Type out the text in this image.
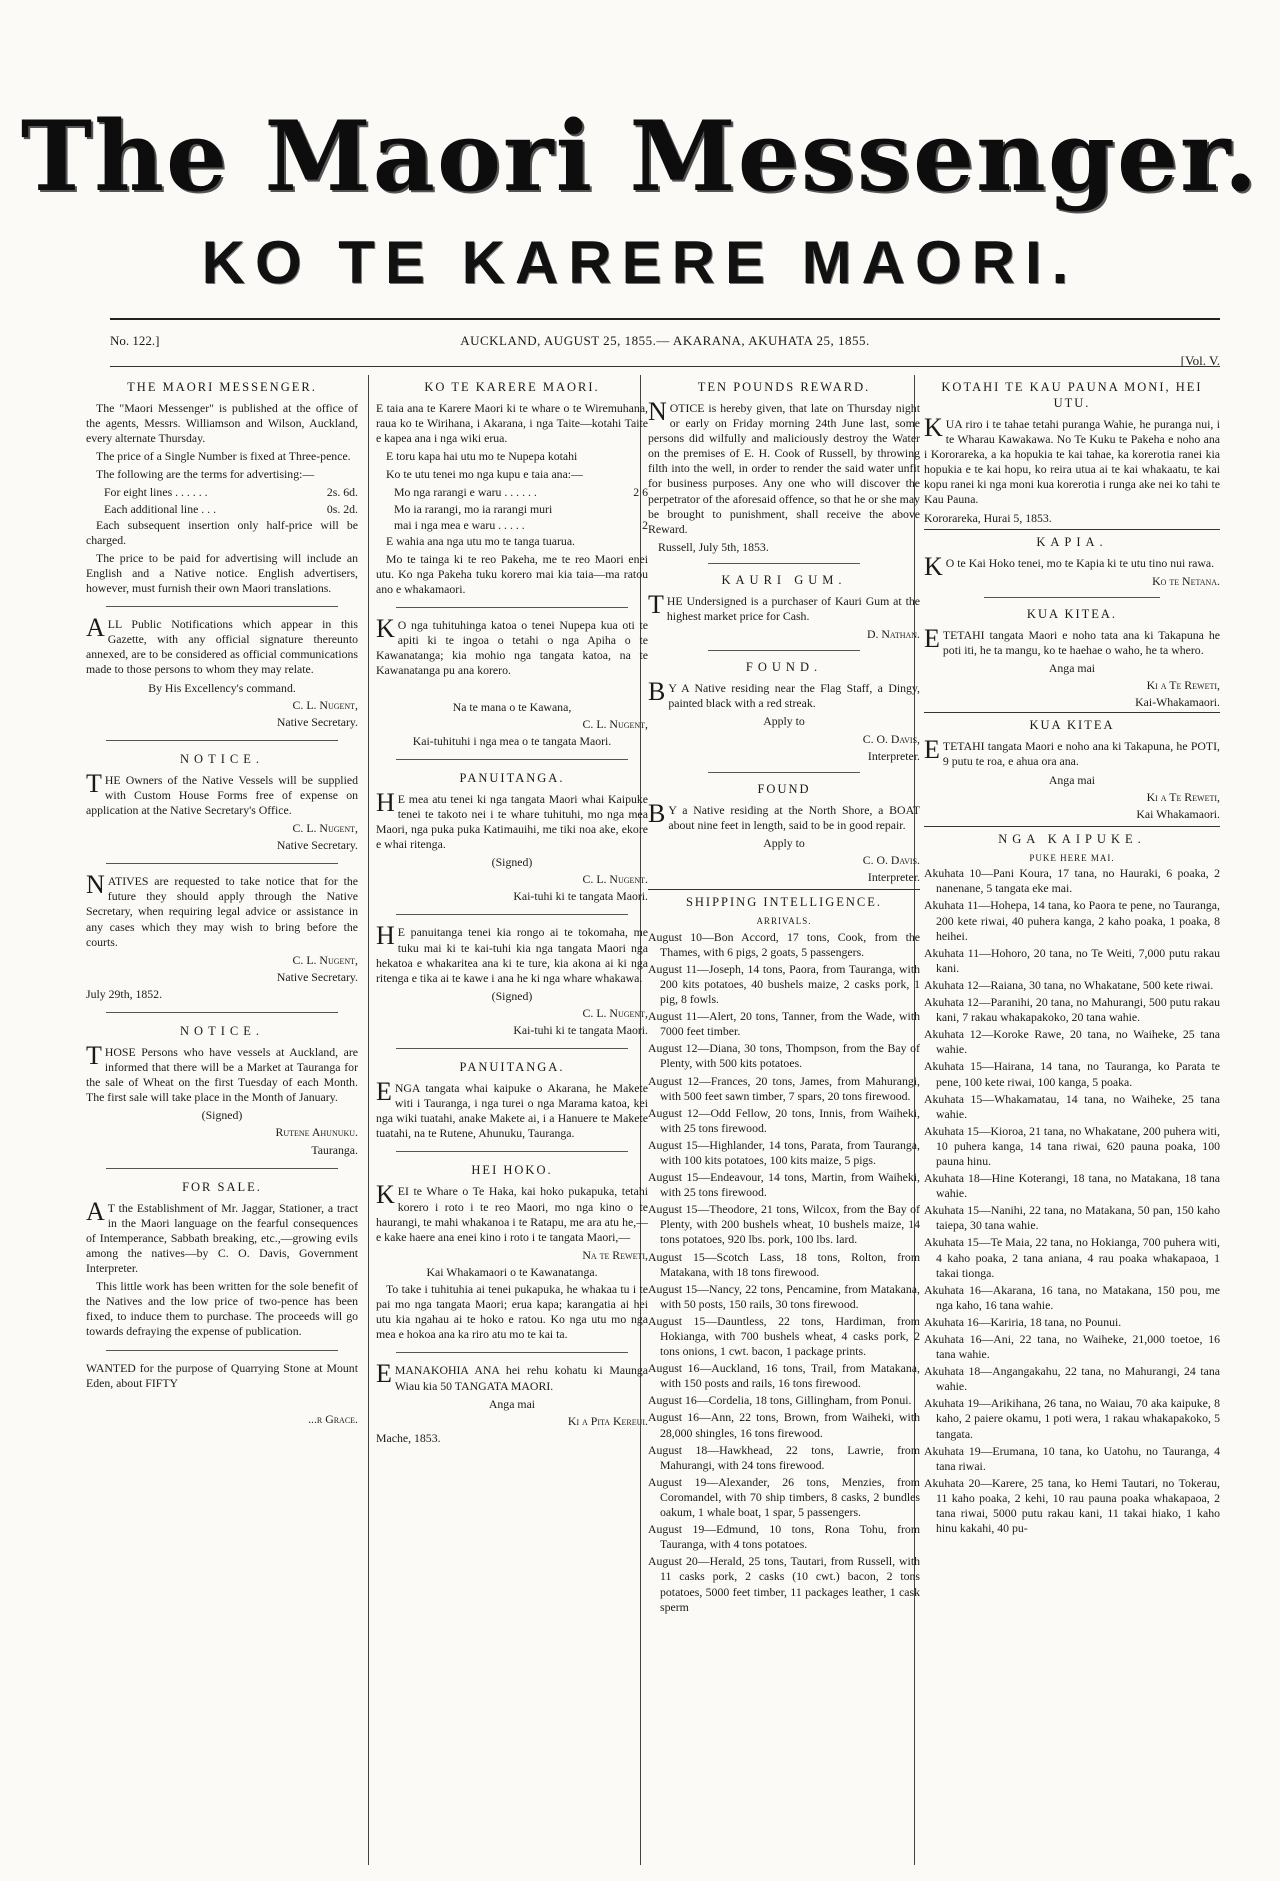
The Maori Messenger.
KO TE KARERE MAORI.
No. 122.]	AUCKLAND, AUGUST 25, 1855.— AKARANA, AKUHATA 25, 1855.
[Vol. V.
THE MAORI MESSENGER.
The "Maori Messenger" is published at the office of the agents, Messrs. Williamson and Wilson, Auckland, every alternate Thursday.
The price of a Single Number is fixed at Three-pence.
The following are the terms for advertising:—
For eight lines . . . . . .	2s. 6d.
Each additional line . . .	0s. 2d.
Each subsequent insertion only half-price will be charged.
The price to be paid for advertising will include an English and a Native notice. English advertisers, however, must furnish their own Maori translations.
ALL Public Notifications which appear in this Gazette, with any official signature thereunto annexed, are to be considered as official communications made to those persons to whom they may relate.
By His Excellency's command.
C. L. Nugent,
Native Secretary.
NOTICE.
THE Owners of the Native Vessels will be supplied with Custom House Forms free of expense on application at the Native Secretary's Office.
C. L. Nugent,
Native Secretary.
NATIVES are requested to take notice that for the future they should apply through the Native Secretary, when requiring legal advice or assistance in any cases which they may wish to bring before the courts.
C. L. Nugent,
Native Secretary.
July 29th, 1852.
NOTICE.
THOSE Persons who have vessels at Auckland, are informed that there will be a Market at Tauranga for the sale of Wheat on the first Tuesday of each Month. The first sale will take place in the Month of January.
(Signed)
Rutene Ahunuku.
Tauranga.
FOR SALE.
AT the Establishment of Mr. Jaggar, Stationer, a tract in the Maori language on the fearful consequences of Intemperance, Sabbath breaking, etc.,—growing evils among the natives—by C. O. Davis, Government Interpreter.
This little work has been written for the sole benefit of the Natives and the low price of two-pence has been fixed, to induce them to purchase. The proceeds will go towards defraying the expense of publication.
WANTED for the purpose of Quarrying Stone at Mount Eden, about FIFTY
...r Grace.
KO TE KARERE MAORI.
E taia ana te Karere Maori ki te whare o te Wiremuhana, raua ko te Wirihana, i Akarana, i nga Taite—kotahi Taite e kapea ana i nga wiki erua.
E toru kapa hai utu mo te Nupepa kotahi
Ko te utu tenei mo nga kupu e taia ana:—
Mo nga rarangi e waru . . . . . .	2 6
Mo ia rarangi, mo ia rarangi muri
mai i nga mea e waru . . . . .	2
E wahia ana nga utu mo te tanga tuarua.
Mo te tainga ki te reo Pakeha, me te reo Maori enei utu. Ko nga Pakeha tuku korero mai kia taia—ma ratou ano e whakamaori.
KO nga tuhituhinga katoa o tenei Nupepa kua oti te apiti ki te ingoa o tetahi o nga Apiha o te Kawanatanga; kia mohio nga tangata katoa, na te Kawanatanga pu ana korero.
Na te mana o te Kawana,
C. L. Nugent,
Kai-tuhituhi i nga mea o te tangata Maori.
PANUITANGA.
HE mea atu tenei ki nga tangata Maori whai Kaipuke tenei te takoto nei i te whare tuhituhi, mo nga mea Maori, nga puka puka Katimauihi, me tiki noa ake, ekore e whai ritenga.
(Signed)
C. L. Nugent.
Kai-tuhi ki te tangata Maori.
HE panuitanga tenei kia rongo ai te tokomaha, me tuku mai ki te kai-tuhi kia nga tangata Maori nga hekatoa e whakaritea ana ki te ture, kia akona ai ki nga ritenga e tika ai te kawe i ana he ki nga whare whakawa.
(Signed)
C. L. Nugent,
Kai-tuhi ki te tangata Maori.
PANUITANGA.
ENGA tangata whai kaipuke o Akarana, he Makete witi i Tauranga, i nga turei o nga Marama katoa, kei nga wiki tuatahi, anake Makete ai, i a Hanuere te Makete tuatahi, na te Rutene, Ahunuku, Tauranga.
HEI HOKO.
KEI te Whare o Te Haka, kai hoko pukapuka, tetahi korero i roto i te reo Maori, mo nga kino o te haurangi, te mahi whakanoa i te Ratapu, me ara atu he,—e kake haere ana enei kino i roto i te tangata Maori,—
Na te Reweti,
Kai Whakamaori o te Kawanatanga.
To take i tuhituhia ai tenei pukapuka, he whakaa tu i te pai mo nga tangata Maori; erua kapa; karangatia ai hei utu kia ngahau ai te hoko e ratou. Ko nga utu mo nga mea e hokoa ana ka riro atu mo te kai ta.
EMANAKOHIA ANA hei rehu kohatu ki Maunga Wiau kia 50 TANGATA MAORI.
Anga mai
Ki a Pita Kereui.
Mache, 1853.
TEN POUNDS REWARD.
NOTICE is hereby given, that late on Thursday night or early on Friday morning 24th June last, some persons did wilfully and maliciously destroy the Water on the premises of E. H. Cook of Russell, by throwing filth into the well, in order to render the said water unfit for business purposes. Any one who will discover the perpetrator of the aforesaid offence, so that he or she may be brought to punishment, shall receive the above Reward.
Russell, July 5th, 1853.
KAURI GUM.
THE Undersigned is a purchaser of Kauri Gum at the highest market price for Cash.
D. Nathan.
FOUND.
BY A Native residing near the Flag Staff, a Dingy, painted black with a red streak.
Apply to
C. O. Davis,
Interpreter.
FOUND
BY a Native residing at the North Shore, a BOAT about nine feet in length, said to be in good repair.
Apply to
C. O. Davis.
Interpreter.
SHIPPING INTELLIGENCE.
ARRIVALS.
August 10—Bon Accord, 17 tons, Cook, from the Thames, with 6 pigs, 2 goats, 5 passengers.
August 11—Joseph, 14 tons, Paora, from Tauranga, with 200 kits potatoes, 40 bushels maize, 2 casks pork, 1 pig, 8 fowls.
August 11—Alert, 20 tons, Tanner, from the Wade, with 7000 feet timber.
August 12—Diana, 30 tons, Thompson, from the Bay of Plenty, with 500 kits potatoes.
August 12—Frances, 20 tons, James, from Mahurangi, with 500 feet sawn timber, 7 spars, 20 tons firewood.
August 12—Odd Fellow, 20 tons, Innis, from Waiheki, with 25 tons firewood.
August 15—Highlander, 14 tons, Parata, from Tauranga, with 100 kits potatoes, 100 kits maize, 5 pigs.
August 15—Endeavour, 14 tons, Martin, from Waiheki, with 25 tons firewood.
August 15—Theodore, 21 tons, Wilcox, from the Bay of Plenty, with 200 bushels wheat, 10 bushels maize, 14 tons potatoes, 920 lbs. pork, 100 lbs. lard.
August 15—Scotch Lass, 18 tons, Rolton, from Matakana, with 18 tons firewood.
August 15—Nancy, 22 tons, Pencamine, from Matakana, with 50 posts, 150 rails, 30 tons firewood.
August 15—Dauntless, 22 tons, Hardiman, from Hokianga, with 700 bushels wheat, 4 casks pork, 2 tons onions, 1 cwt. bacon, 1 package prints.
August 16—Auckland, 16 tons, Trail, from Matakana, with 150 posts and rails, 16 tons firewood.
August 16—Cordelia, 18 tons, Gillingham, from Ponui.
August 16—Ann, 22 tons, Brown, from Waiheki, with 28,000 shingles, 16 tons firewood.
August 18—Hawkhead, 22 tons, Lawrie, from Mahurangi, with 24 tons firewood.
August 19—Alexander, 26 tons, Menzies, from Coromandel, with 70 ship timbers, 8 casks, 2 bundles oakum, 1 whale boat, 1 spar, 5 passengers.
August 19—Edmund, 10 tons, Rona Tohu, from Tauranga, with 4 tons potatoes.
August 20—Herald, 25 tons, Tautari, from Russell, with 11 casks pork, 2 casks (10 cwt.) bacon, 2 tons potatoes, 5000 feet timber, 11 packages leather, 1 cask sperm
KOTAHI TE KAU PAUNA MONI, HEI UTU.
KUA riro i te tahae tetahi puranga Wahie, he puranga nui, i te Wharau Kawakawa. No Te Kuku te Pakeha e noho ana i Kororareka, a ka hopukia te kai tahae, ka korerotia ranei kia hopukia e te kai hopu, ko reira utua ai te kai whakaatu, te kai kopu ranei ki nga moni kua korerotia i runga ake nei ko tahi te Kau Pauna.
Kororareka, Hurai 5, 1853.
KAPIA.
KO te Kai Hoko tenei, mo te Kapia ki te utu tino nui rawa.
Ko te Netana.
KUA KITEA.
ETETAHI tangata Maori e noho tata ana ki Takapuna he poti iti, he ta mangu, ko te haehae o waho, he ta whero.
Anga mai
Ki a Te Reweti,
Kai-Whakamaori.
KUA KITEA
ETETAHI tangata Maori e noho ana ki Takapuna, he POTI, 9 putu te roa, e ahua ora ana.
Anga mai
Ki a Te Reweti,
Kai Whakamaori.
NGA KAIPUKE.
PUKE HERE MAI.
Akuhata 10—Pani Koura, 17 tana, no Hauraki, 6 poaka, 2 nanenane, 5 tangata eke mai.
Akuhata 11—Hohepa, 14 tana, ko Paora te pene, no Tauranga, 200 kete riwai, 40 puhera kanga, 2 kaho poaka, 1 poaka, 8 heihei.
Akuhata 11—Hohoro, 20 tana, no Te Weiti, 7,000 putu rakau kani.
Akuhata 12—Raiana, 30 tana, no Whakatane, 500 kete riwai.
Akuhata 12—Paranihi, 20 tana, no Mahurangi, 500 putu rakau kani, 7 rakau whakapakoko, 20 tana wahie.
Akuhata 12—Koroke Rawe, 20 tana, no Waiheke, 25 tana wahie.
Akuhata 15—Hairana, 14 tana, no Tauranga, ko Parata te pene, 100 kete riwai, 100 kanga, 5 poaka.
Akuhata 15—Whakamatau, 14 tana, no Waiheke, 25 tana wahie.
Akuhata 15—Kioroa, 21 tana, no Whakatane, 200 puhera witi, 10 puhera kanga, 14 tana riwai, 620 pauna poaka, 100 pauna hinu.
Akuhata 18—Hine Koterangi, 18 tana, no Matakana, 18 tana wahie.
Akuhata 15—Nanihi, 22 tana, no Matakana, 50 pan, 150 kaho taiepa, 30 tana wahie.
Akuhata 15—Te Maia, 22 tana, no Hokianga, 700 puhera witi, 4 kaho poaka, 2 tana aniana, 4 rau poaka whakapaoa, 1 takai tionga.
Akuhata 16—Akarana, 16 tana, no Matakana, 150 pou, me nga kaho, 16 tana wahie.
Akuhata 16—Kariria, 18 tana, no Pounui.
Akuhata 16—Ani, 22 tana, no Waiheke, 21,000 toetoe, 16 tana wahie.
Akuhata 18—Angangakahu, 22 tana, no Mahurangi, 24 tana wahie.
Akuhata 19—Arikihana, 26 tana, no Waiau, 70 aka kaipuke, 8 kaho, 2 paiere okamu, 1 poti wera, 1 rakau whakapakoko, 5 tangata.
Akuhata 19—Erumana, 10 tana, ko Uatohu, no Tauranga, 4 tana riwai.
Akuhata 20—Karere, 25 tana, ko Hemi Tautari, no Tokerau, 11 kaho poaka, 2 kehi, 10 rau pauna poaka whakapaoa, 2 tana riwai, 5000 putu rakau kani, 11 takai hiako, 1 kaho hinu kakahi, 40 pu-
